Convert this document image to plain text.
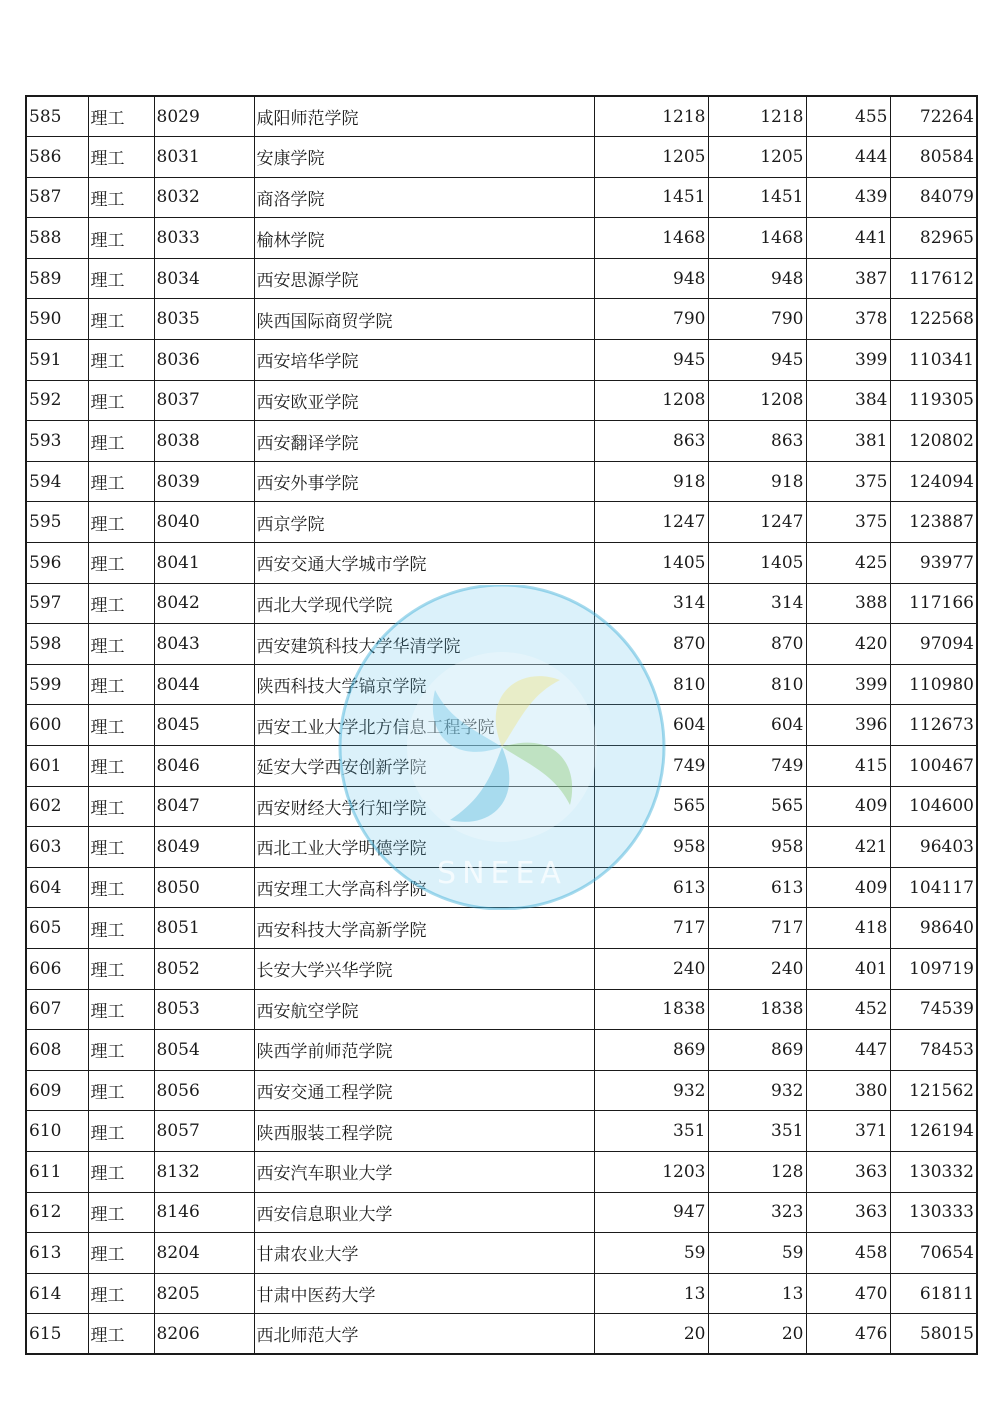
585	理工	8029	咸阳师范学院	1218	1218	455	72264
586	理工	8031	安康学院	1205	1205	444	80584
587	理工	8032	商洛学院	1451	1451	439	84079
588	理工	8033	榆林学院	1468	1468	441	82965
589	理工	8034	西安思源学院	948	948	387	117612
590	理工	8035	陕西国际商贸学院	790	790	378	122568
591	理工	8036	西安培华学院	945	945	399	110341
592	理工	8037	西安欧亚学院	1208	1208	384	119305
593	理工	8038	西安翻译学院	863	863	381	120802
594	理工	8039	西安外事学院	918	918	375	124094
595	理工	8040	西京学院	1247	1247	375	123887
596	理工	8041	西安交通大学城市学院	1405	1405	425	93977
597	理工	8042	西北大学现代学院	314	314	388	117166
598	理工	8043	西安建筑科技大学华清学院	870	870	420	97094
599	理工	8044	陕西科技大学镐京学院	810	810	399	110980
600	理工	8045	西安工业大学北方信息工程学院	604	604	396	112673
601	理工	8046	延安大学西安创新学院	749	749	415	100467
602	理工	8047	西安财经大学行知学院	565	565	409	104600
603	理工	8049	西北工业大学明德学院	958	958	421	96403
604	理工	8050	西安理工大学高科学院	613	613	409	104117
605	理工	8051	西安科技大学高新学院	717	717	418	98640
606	理工	8052	长安大学兴华学院	240	240	401	109719
607	理工	8053	西安航空学院	1838	1838	452	74539
608	理工	8054	陕西学前师范学院	869	869	447	78453
609	理工	8056	西安交通工程学院	932	932	380	121562
610	理工	8057	陕西服装工程学院	351	351	371	126194
611	理工	8132	西安汽车职业大学	1203	128	363	130332
612	理工	8146	西安信息职业大学	947	323	363	130333
613	理工	8204	甘肃农业大学	59	59	458	70654
614	理工	8205	甘肃中医药大学	13	13	470	61811
615	理工	8206	西北师范大学	20	20	476	58015
SNEEA
